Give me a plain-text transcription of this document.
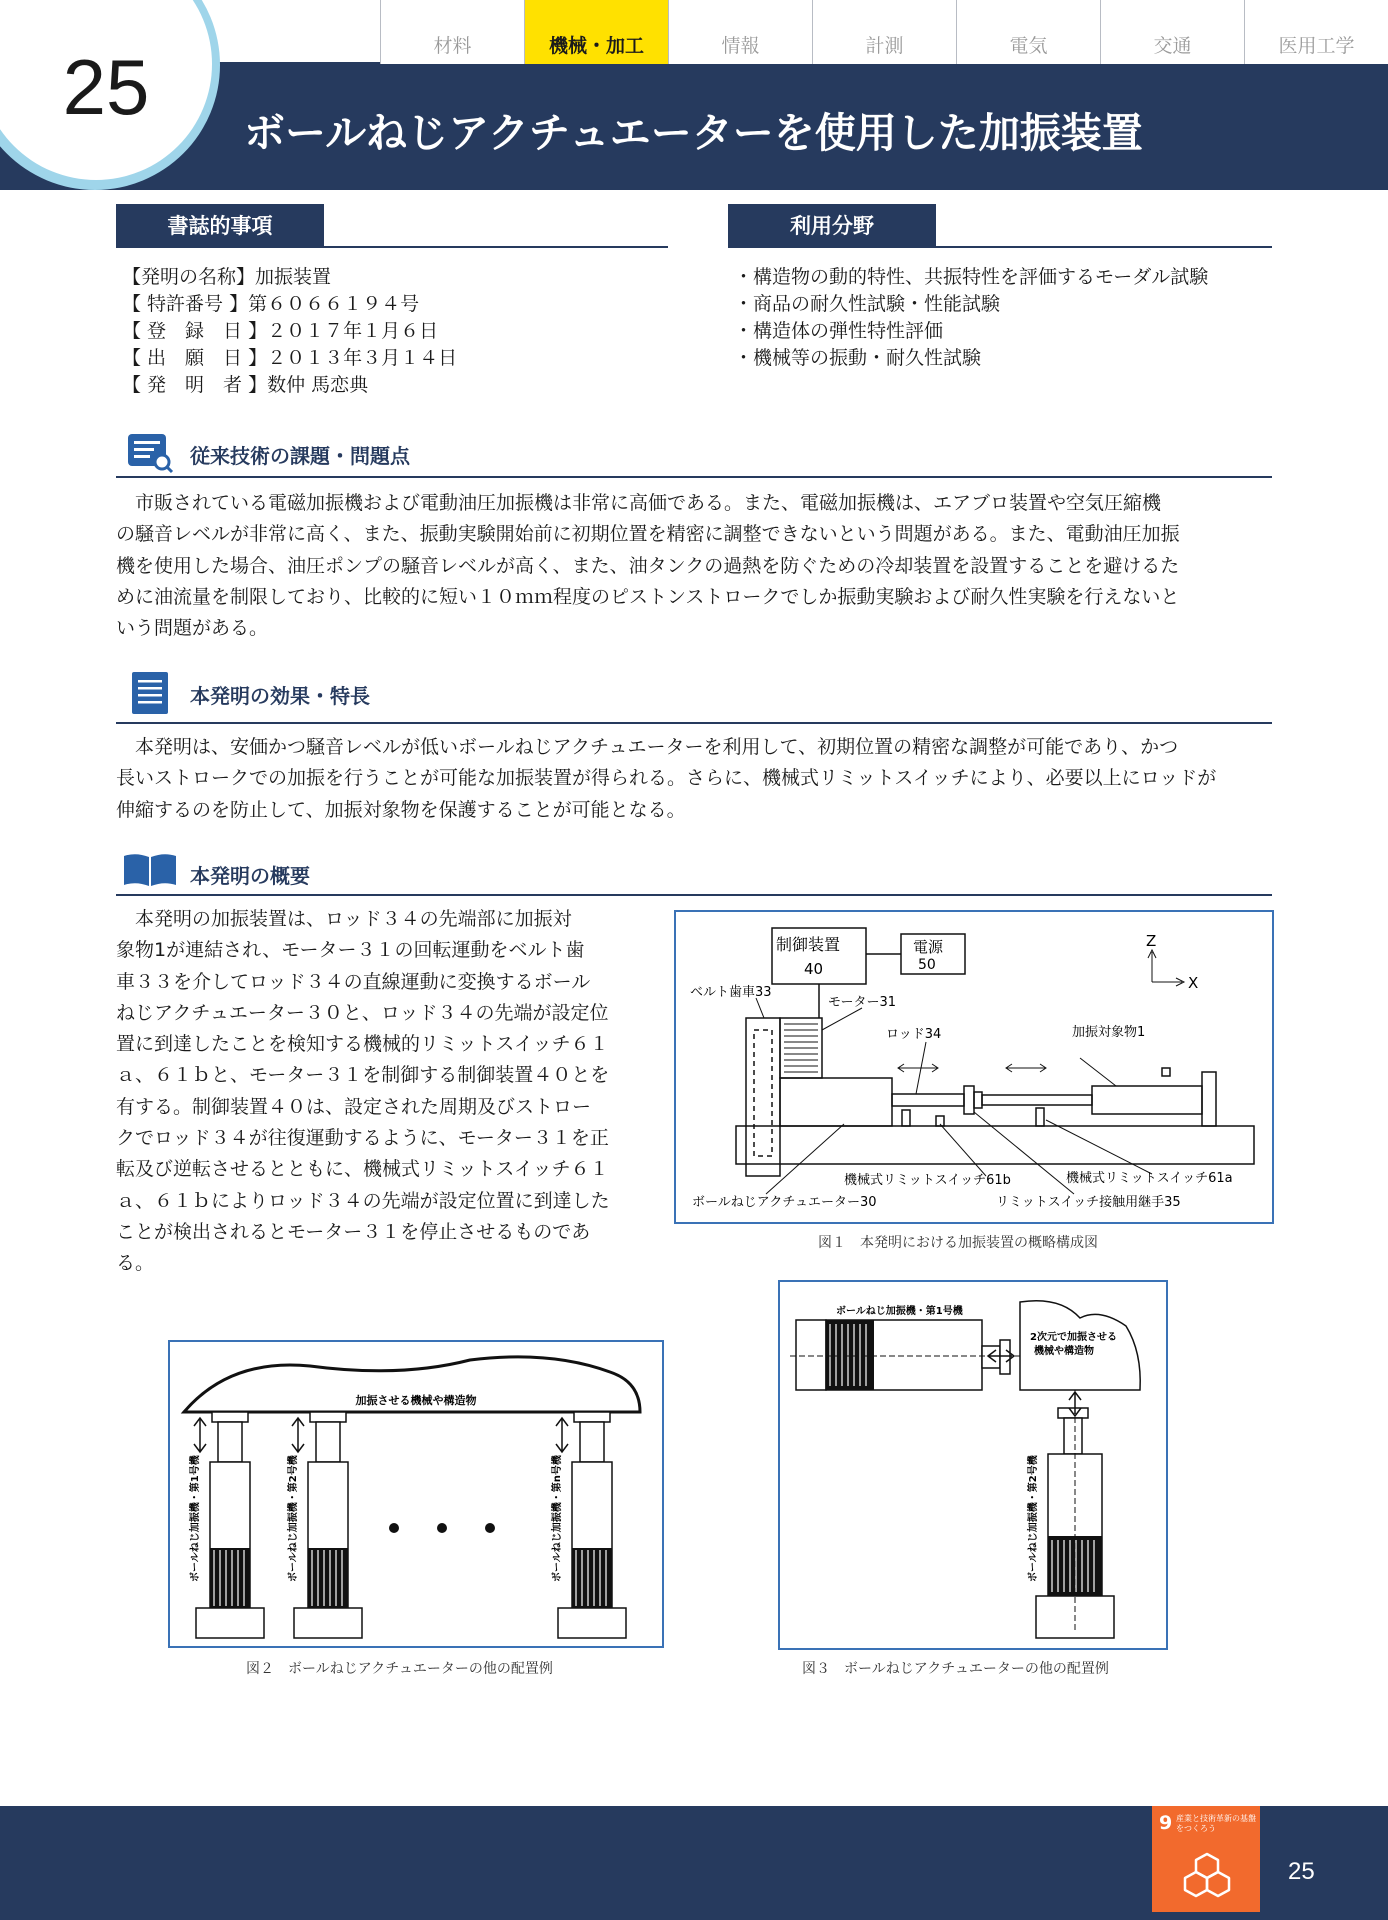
材料	機械・加工	情報	計測	電気	交通	医用工学
25
ボールねじアクチュエーターを使用した加振装置
書誌的事項
【発明の名称】加振装置
【 特許番号 】第６０６６１９４号
【 登　録　日 】２０１７年１月６日
【 出　願　日 】２０１３年３月１４日
【 発　明　者 】数仲 馬恋典
利用分野
・構造物の動的特性、共振特性を評価するモーダル試験
・商品の耐久性試験・性能試験
・構造体の弾性特性評価
・機械等の振動・耐久性試験
従来技術の課題・問題点
　市販されている電磁加振機および電動油圧加振機は非常に高価である。また、電磁加振機は、エアブロ装置や空気圧縮機
の騒音レベルが非常に高く、また、振動実験開始前に初期位置を精密に調整できないという問題がある。また、電動油圧加振
機を使用した場合、油圧ポンプの騒音レベルが高く、また、油タンクの過熱を防ぐための冷却装置を設置することを避けるた
めに油流量を制限しており、比較的に短い１０ｍｍ程度のピストンストロークでしか振動実験および耐久性実験を行えないと
いう問題がある。
本発明の効果・特長
　本発明は、安価かつ騒音レベルが低いボールねじアクチュエーターを利用して、初期位置の精密な調整が可能であり、かつ
長いストロークでの加振を行うことが可能な加振装置が得られる。さらに、機械式リミットスイッチにより、必要以上にロッドが
伸縮するのを防止して、加振対象物を保護することが可能となる。
本発明の概要
　本発明の加振装置は、ロッド３４の先端部に加振対
象物1が連結され、モーター３１の回転運動をベルト歯
車３３を介してロッド３４の直線運動に変換するボール
ねじアクチュエーター３０と、ロッド３４の先端が設定位
置に到達したことを検知する機械的リミットスイッチ６１
ａ、６１ｂと、モーター３１を制御する制御装置４０とを
有する。制御装置４０は、設定された周期及びストロー
クでロッド３４が往復運動するように、モーター３１を正
転及び逆転させるとともに、機械式リミットスイッチ６１
ａ、６１ｂによりロッド３４の先端が設定位置に到達した
ことが検出されるとモーター３１を停止させるものであ
る。
制御装置
40
電源
50
ベルト歯車33
モーター31
ロッド34	加振対象物1
Z
X
機械式リミットスイッチ61b	機械式リミットスイッチ61a
ボールねじアクチュエーター30	リミットスイッチ接触用継手35
図１　本発明における加振装置の概略構成図
加振させる機械や構造物
ボールねじ加振機・第1号機	ボールねじ加振機・第2号機	ボールねじ加振機・第n号機
図２　ボールねじアクチュエーターの他の配置例
ボールねじ加振機・第1号機
2次元で加振させる
機械や構造物
ボールねじ加振機・第2号機
図３　ボールねじアクチュエーターの他の配置例
9 産業と技術革新の基盤をつくろう
25
